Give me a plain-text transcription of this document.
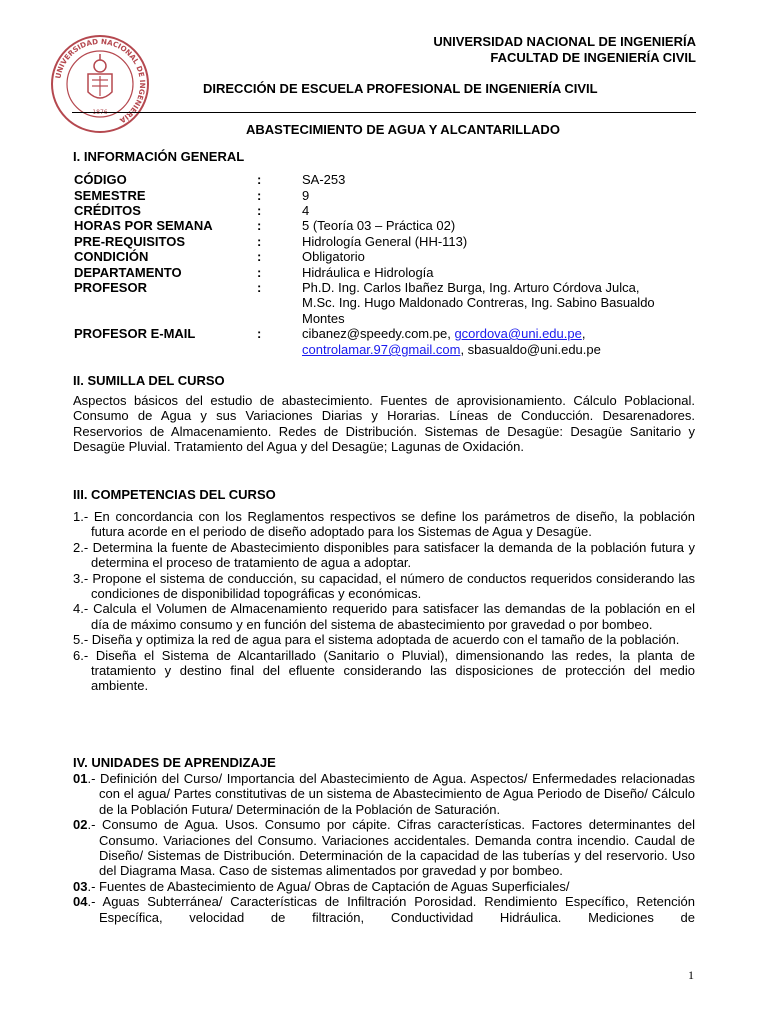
UNIVERSIDAD NACIONAL DE INGENIERÍA
1876
UNIVERSIDAD NACIONAL DE INGENIERÍA
FACULTAD DE INGENIERÍA CIVIL
DIRECCIÓN DE ESCUELA PROFESIONAL DE INGENIERÍA CIVIL
ABASTECIMIENTO DE AGUA Y ALCANTARILLADO
I. INFORMACIÓN GENERAL
CÓDIGO	:	SA-253
SEMESTRE	:	9
CRÉDITOS	:	4
HORAS POR SEMANA	:	5 (Teoría 03 – Práctica 02)
PRE-REQUISITOS	:	Hidrología General (HH-113)
CONDICIÓN	:	Obligatorio
DEPARTAMENTO	:	Hidráulica e Hidrología
PROFESOR	:	Ph.D. Ing. Carlos Ibañez Burga, Ing. Arturo Córdova Julca,
M.Sc. Ing. Hugo Maldonado Contreras, Ing. Sabino Basualdo
Montes
PROFESOR E-MAIL	:	cibanez@speedy.com.pe, gcordova@uni.edu.pe,
controlamar.97@gmail.com, sbasualdo@uni.edu.pe
II. SUMILLA DEL CURSO
Aspectos básicos del estudio de abastecimiento. Fuentes de aprovisionamiento. Cálculo Poblacional. Consumo de Agua y sus Variaciones Diarias y Horarias. Líneas de Conducción. Desarenadores. Reservorios de Almacenamiento. Redes de Distribución. Sistemas de Desagüe: Desagüe Sanitario y Desagüe Pluvial. Tratamiento del Agua y del Desagüe; Lagunas de Oxidación.
III. COMPETENCIAS DEL CURSO
1.- En concordancia con los Reglamentos respectivos se define los parámetros de diseño, la población futura acorde en el periodo de diseño adoptado para los Sistemas de Agua y Desagüe.
2.- Determina la fuente de Abastecimiento disponibles para satisfacer la demanda de la población futura y determina el proceso de tratamiento de agua a adoptar.
3.- Propone el sistema de conducción, su capacidad, el número de conductos requeridos considerando las condiciones de disponibilidad topográficas y económicas.
4.- Calcula el Volumen de Almacenamiento requerido para satisfacer las demandas de la población en el día de máximo consumo y en función del sistema de abastecimiento por gravedad o por bombeo.
5.- Diseña y optimiza la red de agua para el sistema adoptada de acuerdo con el tamaño de la población.
6.- Diseña el Sistema de Alcantarillado (Sanitario o Pluvial), dimensionando las redes, la planta de tratamiento y destino final del efluente considerando las disposiciones de protección del medio ambiente.
IV. UNIDADES DE APRENDIZAJE
01.- Definición del Curso/ Importancia del Abastecimiento de Agua. Aspectos/ Enfermedades relacionadas con el agua/ Partes constitutivas de un sistema de Abastecimiento de Agua Periodo de Diseño/ Cálculo de la Población Futura/ Determinación de la Población de Saturación.
02.- Consumo de Agua. Usos. Consumo por cápite. Cifras características. Factores determinantes del Consumo. Variaciones del Consumo. Variaciones accidentales. Demanda contra incendio. Caudal de Diseño/ Sistemas de Distribución. Determinación de la capacidad de las tuberías y del reservorio. Uso del Diagrama Masa. Caso de sistemas alimentados por gravedad y por bombeo.
03.- Fuentes de Abastecimiento de Agua/ Obras de Captación de Aguas Superficiales/
04.- Aguas Subterránea/ Características de Infiltración Porosidad. Rendimiento Específico, Retención Específica, velocidad de filtración, Conductividad Hidráulica. Mediciones de
1
